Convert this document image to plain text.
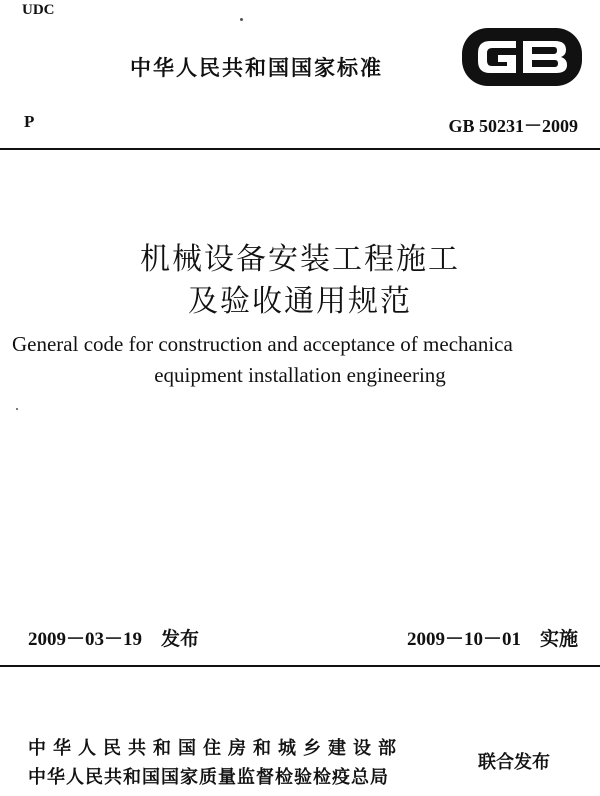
UDC
中华人民共和国国家标准
P	GB 50231－2009
机械设备安装工程施工
及验收通用规范
General code for construction and acceptance of mechanica
equipment installation engineering
2009－03－19　发布	2009－10－01　实施
中华人民共和国住房和城乡建设部
中华人民共和国国家质量监督检验检疫总局
联合发布
